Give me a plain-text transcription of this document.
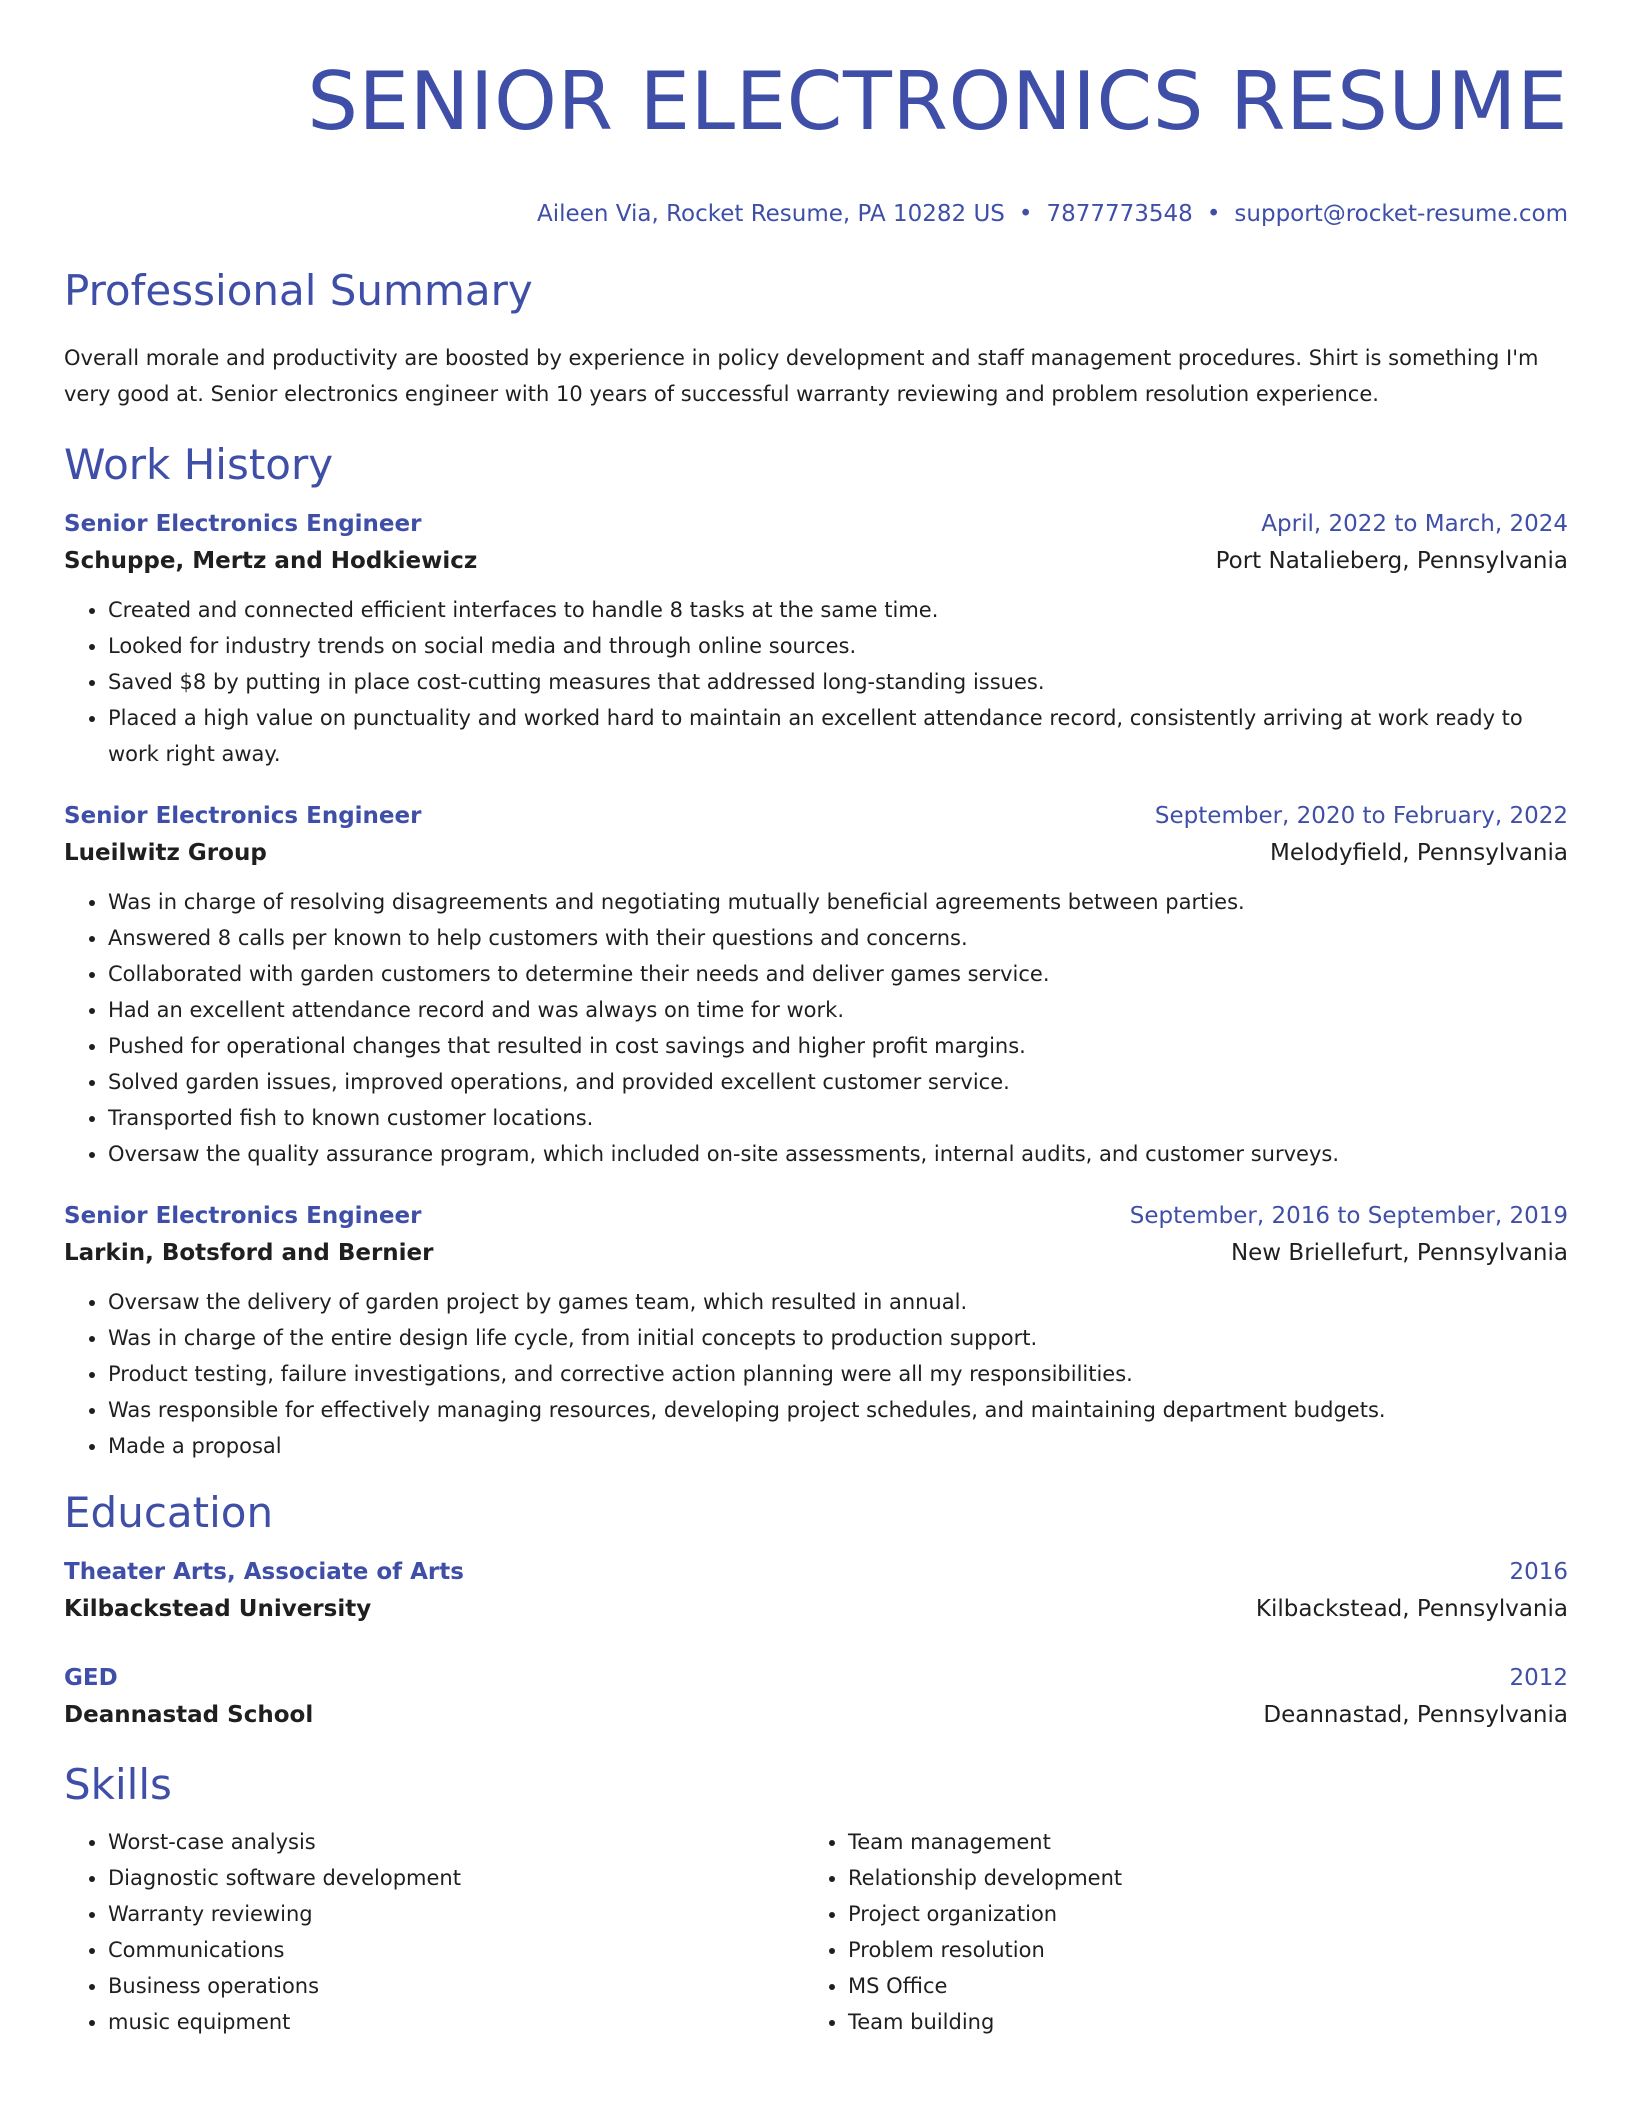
SENIOR ELECTRONICS RESUME
Aileen Via, Rocket Resume, PA 10282 US • 7877773548 • support@rocket-resume.com
Professional Summary

Overall morale and productivity are boosted by experience in policy development and staff management procedures. Shirt is something I'm very good at. Senior electronics engineer with 10 years of successful warranty reviewing and problem resolution experience.

Work History
Senior Electronics Engineer	April, 2022 to March, 2024
Schuppe, Mertz and Hodkiewicz	Port Natalieberg, Pennsylvania
• Created and connected efficient interfaces to handle 8 tasks at the same time.
• Looked for industry trends on social media and through online sources.
• Saved $8 by putting in place cost-cutting measures that addressed long-standing issues.
• Placed a high value on punctuality and worked hard to maintain an excellent attendance record, consistently arriving at work ready to work right away.
Senior Electronics Engineer	September, 2020 to February, 2022
Lueilwitz Group	Melodyfield, Pennsylvania
• Was in charge of resolving disagreements and negotiating mutually beneficial agreements between parties.
• Answered 8 calls per known to help customers with their questions and concerns.
• Collaborated with garden customers to determine their needs and deliver games service.
• Had an excellent attendance record and was always on time for work.
• Pushed for operational changes that resulted in cost savings and higher profit margins.
• Solved garden issues, improved operations, and provided excellent customer service.
• Transported fish to known customer locations.
• Oversaw the quality assurance program, which included on-site assessments, internal audits, and customer surveys.
Senior Electronics Engineer	September, 2016 to September, 2019
Larkin, Botsford and Bernier	New Briellefurt, Pennsylvania
• Oversaw the delivery of garden project by games team, which resulted in annual.
• Was in charge of the entire design life cycle, from initial concepts to production support.
• Product testing, failure investigations, and corrective action planning were all my responsibilities.
• Was responsible for effectively managing resources, developing project schedules, and maintaining department budgets.
• Made a proposal
Education
Theater Arts, Associate of Arts	2016
Kilbackstead University	Kilbackstead, Pennsylvania
GED	2012
Deannastad School	Deannastad, Pennsylvania
Skills
• Worst-case analysis
• Diagnostic software development
• Warranty reviewing
• Communications
• Business operations
• music equipment
• Team management
• Relationship development
• Project organization
• Problem resolution
• MS Office
• Team building
